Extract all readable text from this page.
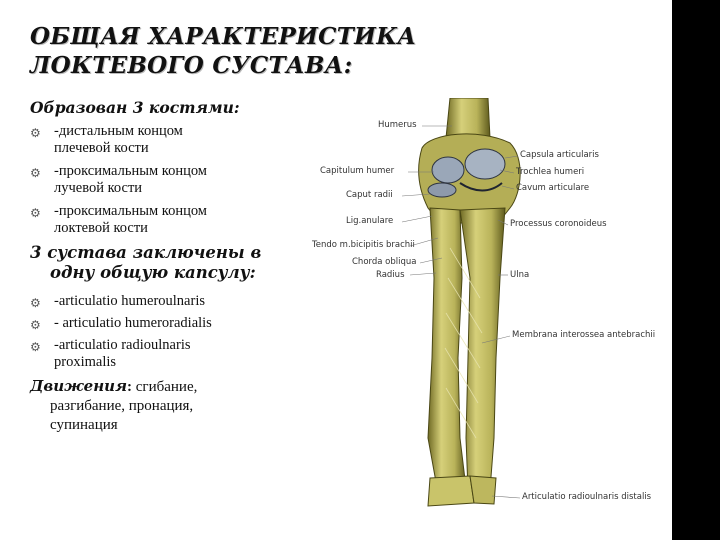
ОБЩАЯ ХАРАКТЕРИСТИКА
ЛОКТЕВОГО СУСТАВА:

Образован 3 костями:

⚙ -дистальным концом
плечевой кости
⚙ -проксимальным концом
лучевой кости
⚙ -проксимальным концом
локтевой кости
3 сустава заключены в
одну общую капсулу:
⚙ -articulatio humeroulnaris
⚙ - articulatio humeroradialis
⚙ -articulatio radioulnaris
proximalis
Движения: сгибание,
разгибание, пронация,
супинация
Humerus
Capitulum humer
Caput radii
Lig.anulare
Tendo m.bicipitis brachii
Chorda obliqua
Radius
Capsula articularis
Trochlea humeri
Cavum articulare
Processus coronoideus
Ulna
Membrana interossea antebrachii
Articulatio radioulnaris distalis
